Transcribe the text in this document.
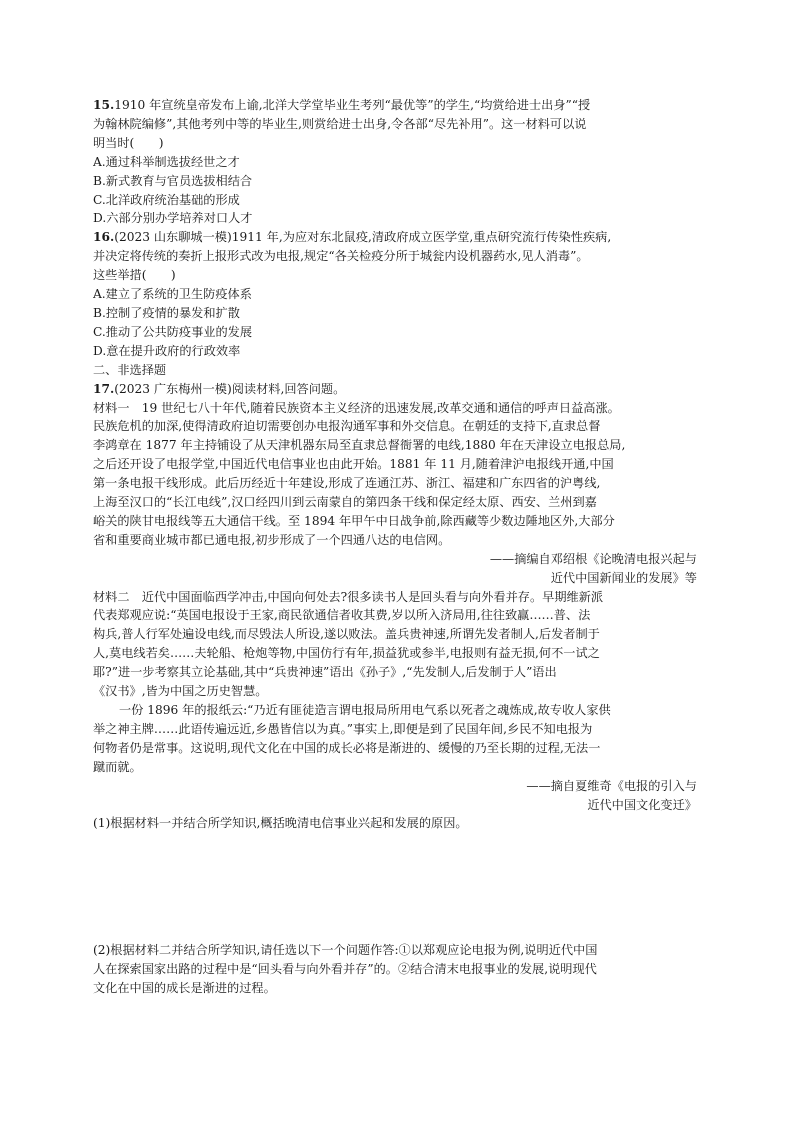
15.1910 年宣统皇帝发布上谕,北洋大学堂毕业生考列“最优等”的学生,“均赏给进士出身”“授
为翰林院编修”,其他考列中等的毕业生,则赏给进士出身,令各部“尽先补用”。这一材料可以说
明当时(　　)
A.通过科举制选拔经世之才
B.新式教育与官员选拔相结合
C.北洋政府统治基础的形成
D.六部分别办学培养对口人才
16.(2023 山东聊城一模)1911 年,为应对东北鼠疫,清政府成立医学堂,重点研究流行传染性疾病,
并决定将传统的奏折上报形式改为电报,规定“各关检疫分所于城瓮内设机器药水,见人消毒”。
这些举措(　　)
A.建立了系统的卫生防疫体系
B.控制了疫情的暴发和扩散
C.推动了公共防疫事业的发展
D.意在提升政府的行政效率
二、非选择题
17.(2023 广东梅州一模)阅读材料,回答问题。
材料一　19 世纪七八十年代,随着民族资本主义经济的迅速发展,改革交通和通信的呼声日益高涨。
民族危机的加深,使得清政府迫切需要创办电报沟通军事和外交信息。在朝廷的支持下,直隶总督
李鸿章在 1877 年主持铺设了从天津机器东局至直隶总督衙署的电线,1880 年在天津设立电报总局,
之后还开设了电报学堂,中国近代电信事业也由此开始。1881 年 11 月,随着津沪电报线开通,中国
第一条电报干线形成。此后历经近十年建设,形成了连通江苏、浙江、福建和广东四省的沪粤线,
上海至汉口的“长江电线”,汉口经四川到云南蒙自的第四条干线和保定经太原、西安、兰州到嘉
峪关的陕甘电报线等五大通信干线。至 1894 年甲午中日战争前,除西藏等少数边陲地区外,大部分
省和重要商业城市都已通电报,初步形成了一个四通八达的电信网。
——摘编自邓绍根《论晚清电报兴起与
近代中国新闻业的发展》等
材料二　近代中国面临西学冲击,中国向何处去?很多读书人是回头看与向外看并存。早期维新派
代表郑观应说:“英国电报设于王家,商民欲通信者收其费,岁以所入济局用,往往致赢……普、法
构兵,普人行军处遍设电线,而尽毁法人所设,遂以败法。盖兵贵神速,所谓先发者制人,后发者制于
人,莫电线若矣……夫轮船、枪炮等物,中国仿行有年,损益犹或参半,电报则有益无损,何不一试之
耶?”进一步考察其立论基础,其中“兵贵神速”语出《孙子》,“先发制人,后发制于人”语出
《汉书》,皆为中国之历史智慧。
一份 1896 年的报纸云:“乃近有匪徒造言谓电报局所用电气系以死者之魂炼成,故专收人家供
举之神主牌……此语传遍远近,乡愚皆信以为真。”事实上,即便是到了民国年间,乡民不知电报为
何物者仍是常事。这说明,现代文化在中国的成长必将是渐进的、缓慢的乃至长期的过程,无法一
蹴而就。
——摘自夏维奇《电报的引入与
近代中国文化变迁》
(1)根据材料一并结合所学知识,概括晚清电信事业兴起和发展的原因。
(2)根据材料二并结合所学知识,请任选以下一个问题作答:①以郑观应论电报为例,说明近代中国
人在探索国家出路的过程中是“回头看与向外看并存”的。②结合清末电报事业的发展,说明现代
文化在中国的成长是渐进的过程。
